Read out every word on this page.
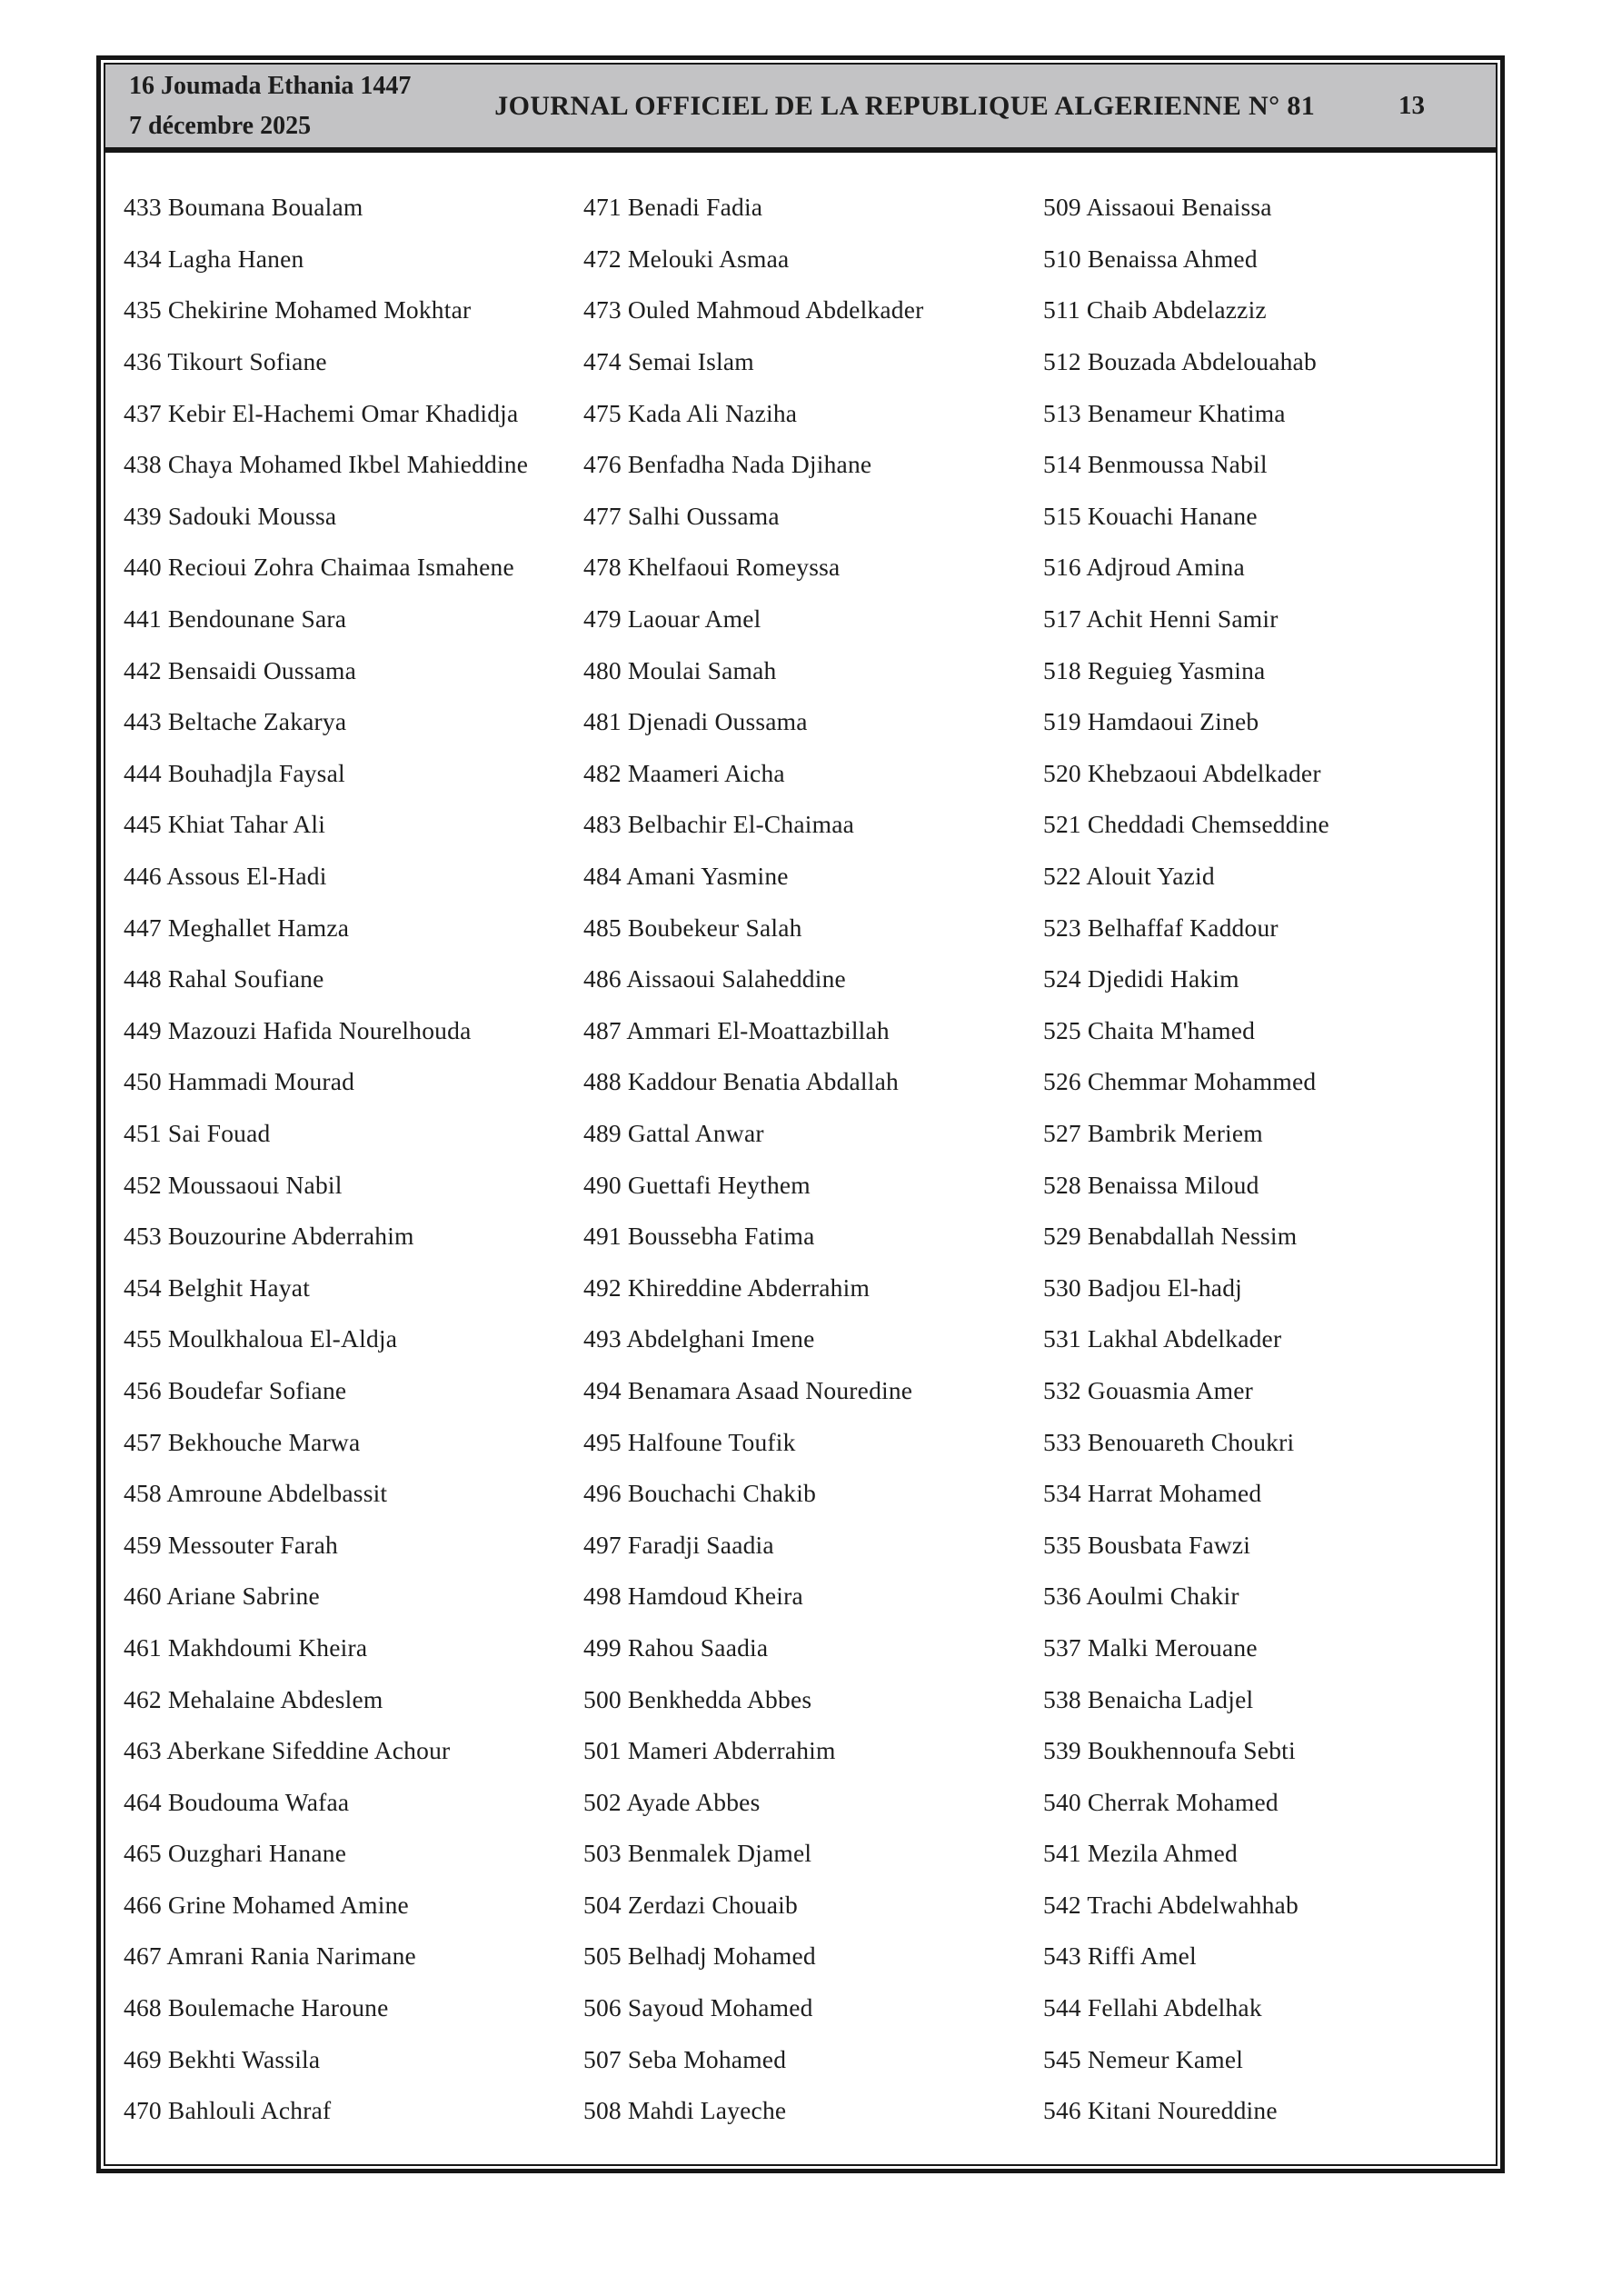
16 Joumada Ethania 1447
7 décembre 2025
JOURNAL OFFICIEL DE LA REPUBLIQUE ALGERIENNE N° 81	13
433 Boumana Boualam
434 Lagha Hanen
435 Chekirine Mohamed Mokhtar
436 Tikourt Sofiane
437 Kebir El-Hachemi Omar Khadidja
438 Chaya Mohamed Ikbel Mahieddine
439 Sadouki Moussa
440 Recioui Zohra Chaimaa Ismahene
441 Bendounane Sara
442 Bensaidi Oussama
443 Beltache Zakarya
444 Bouhadjla Faysal
445 Khiat Tahar Ali
446 Assous El-Hadi
447 Meghallet Hamza
448 Rahal Soufiane
449 Mazouzi Hafida Nourelhouda
450 Hammadi Mourad
451 Sai Fouad
452 Moussaoui Nabil
453 Bouzourine Abderrahim
454 Belghit Hayat
455 Moulkhaloua El-Aldja
456 Boudefar Sofiane
457 Bekhouche Marwa
458 Amroune Abdelbassit
459 Messouter Farah
460 Ariane Sabrine
461 Makhdoumi Kheira
462 Mehalaine Abdeslem
463 Aberkane Sifeddine Achour
464 Boudouma Wafaa
465 Ouzghari Hanane
466 Grine Mohamed Amine
467 Amrani Rania Narimane
468 Boulemache Haroune
469 Bekhti Wassila
470 Bahlouli Achraf
471 Benadi Fadia
472 Melouki Asmaa
473 Ouled Mahmoud Abdelkader
474 Semai Islam
475 Kada Ali Naziha
476 Benfadha Nada Djihane
477 Salhi Oussama
478 Khelfaoui Romeyssa
479 Laouar Amel
480 Moulai Samah
481 Djenadi Oussama
482 Maameri Aicha
483 Belbachir El-Chaimaa
484 Amani Yasmine
485 Boubekeur Salah
486 Aissaoui Salaheddine
487 Ammari El-Moattazbillah
488 Kaddour Benatia Abdallah
489 Gattal Anwar
490 Guettafi Heythem
491 Boussebha Fatima
492 Khireddine Abderrahim
493 Abdelghani Imene
494 Benamara Asaad Nouredine
495 Halfoune Toufik
496 Bouchachi Chakib
497 Faradji Saadia
498 Hamdoud Kheira
499 Rahou Saadia
500 Benkhedda Abbes
501 Mameri Abderrahim
502 Ayade Abbes
503 Benmalek Djamel
504 Zerdazi Chouaib
505 Belhadj Mohamed
506 Sayoud Mohamed
507 Seba Mohamed
508 Mahdi Layeche
509 Aissaoui Benaissa
510 Benaissa Ahmed
511 Chaib Abdelazziz
512 Bouzada Abdelouahab
513 Benameur Khatima
514 Benmoussa Nabil
515 Kouachi Hanane
516 Adjroud Amina
517 Achit Henni Samir
518 Reguieg Yasmina
519 Hamdaoui Zineb
520 Khebzaoui Abdelkader
521 Cheddadi Chemseddine
522 Alouit Yazid
523 Belhaffaf Kaddour
524 Djedidi Hakim
525 Chaita M'hamed
526 Chemmar Mohammed
527 Bambrik Meriem
528 Benaissa Miloud
529 Benabdallah Nessim
530 Badjou El-hadj
531 Lakhal Abdelkader
532 Gouasmia Amer
533 Benouareth Choukri
534 Harrat Mohamed
535 Bousbata Fawzi
536 Aoulmi Chakir
537 Malki Merouane
538 Benaicha Ladjel
539 Boukhennoufa Sebti
540 Cherrak Mohamed
541 Mezila Ahmed
542 Trachi Abdelwahhab
543 Riffi Amel
544 Fellahi Abdelhak
545 Nemeur Kamel
546 Kitani Noureddine
